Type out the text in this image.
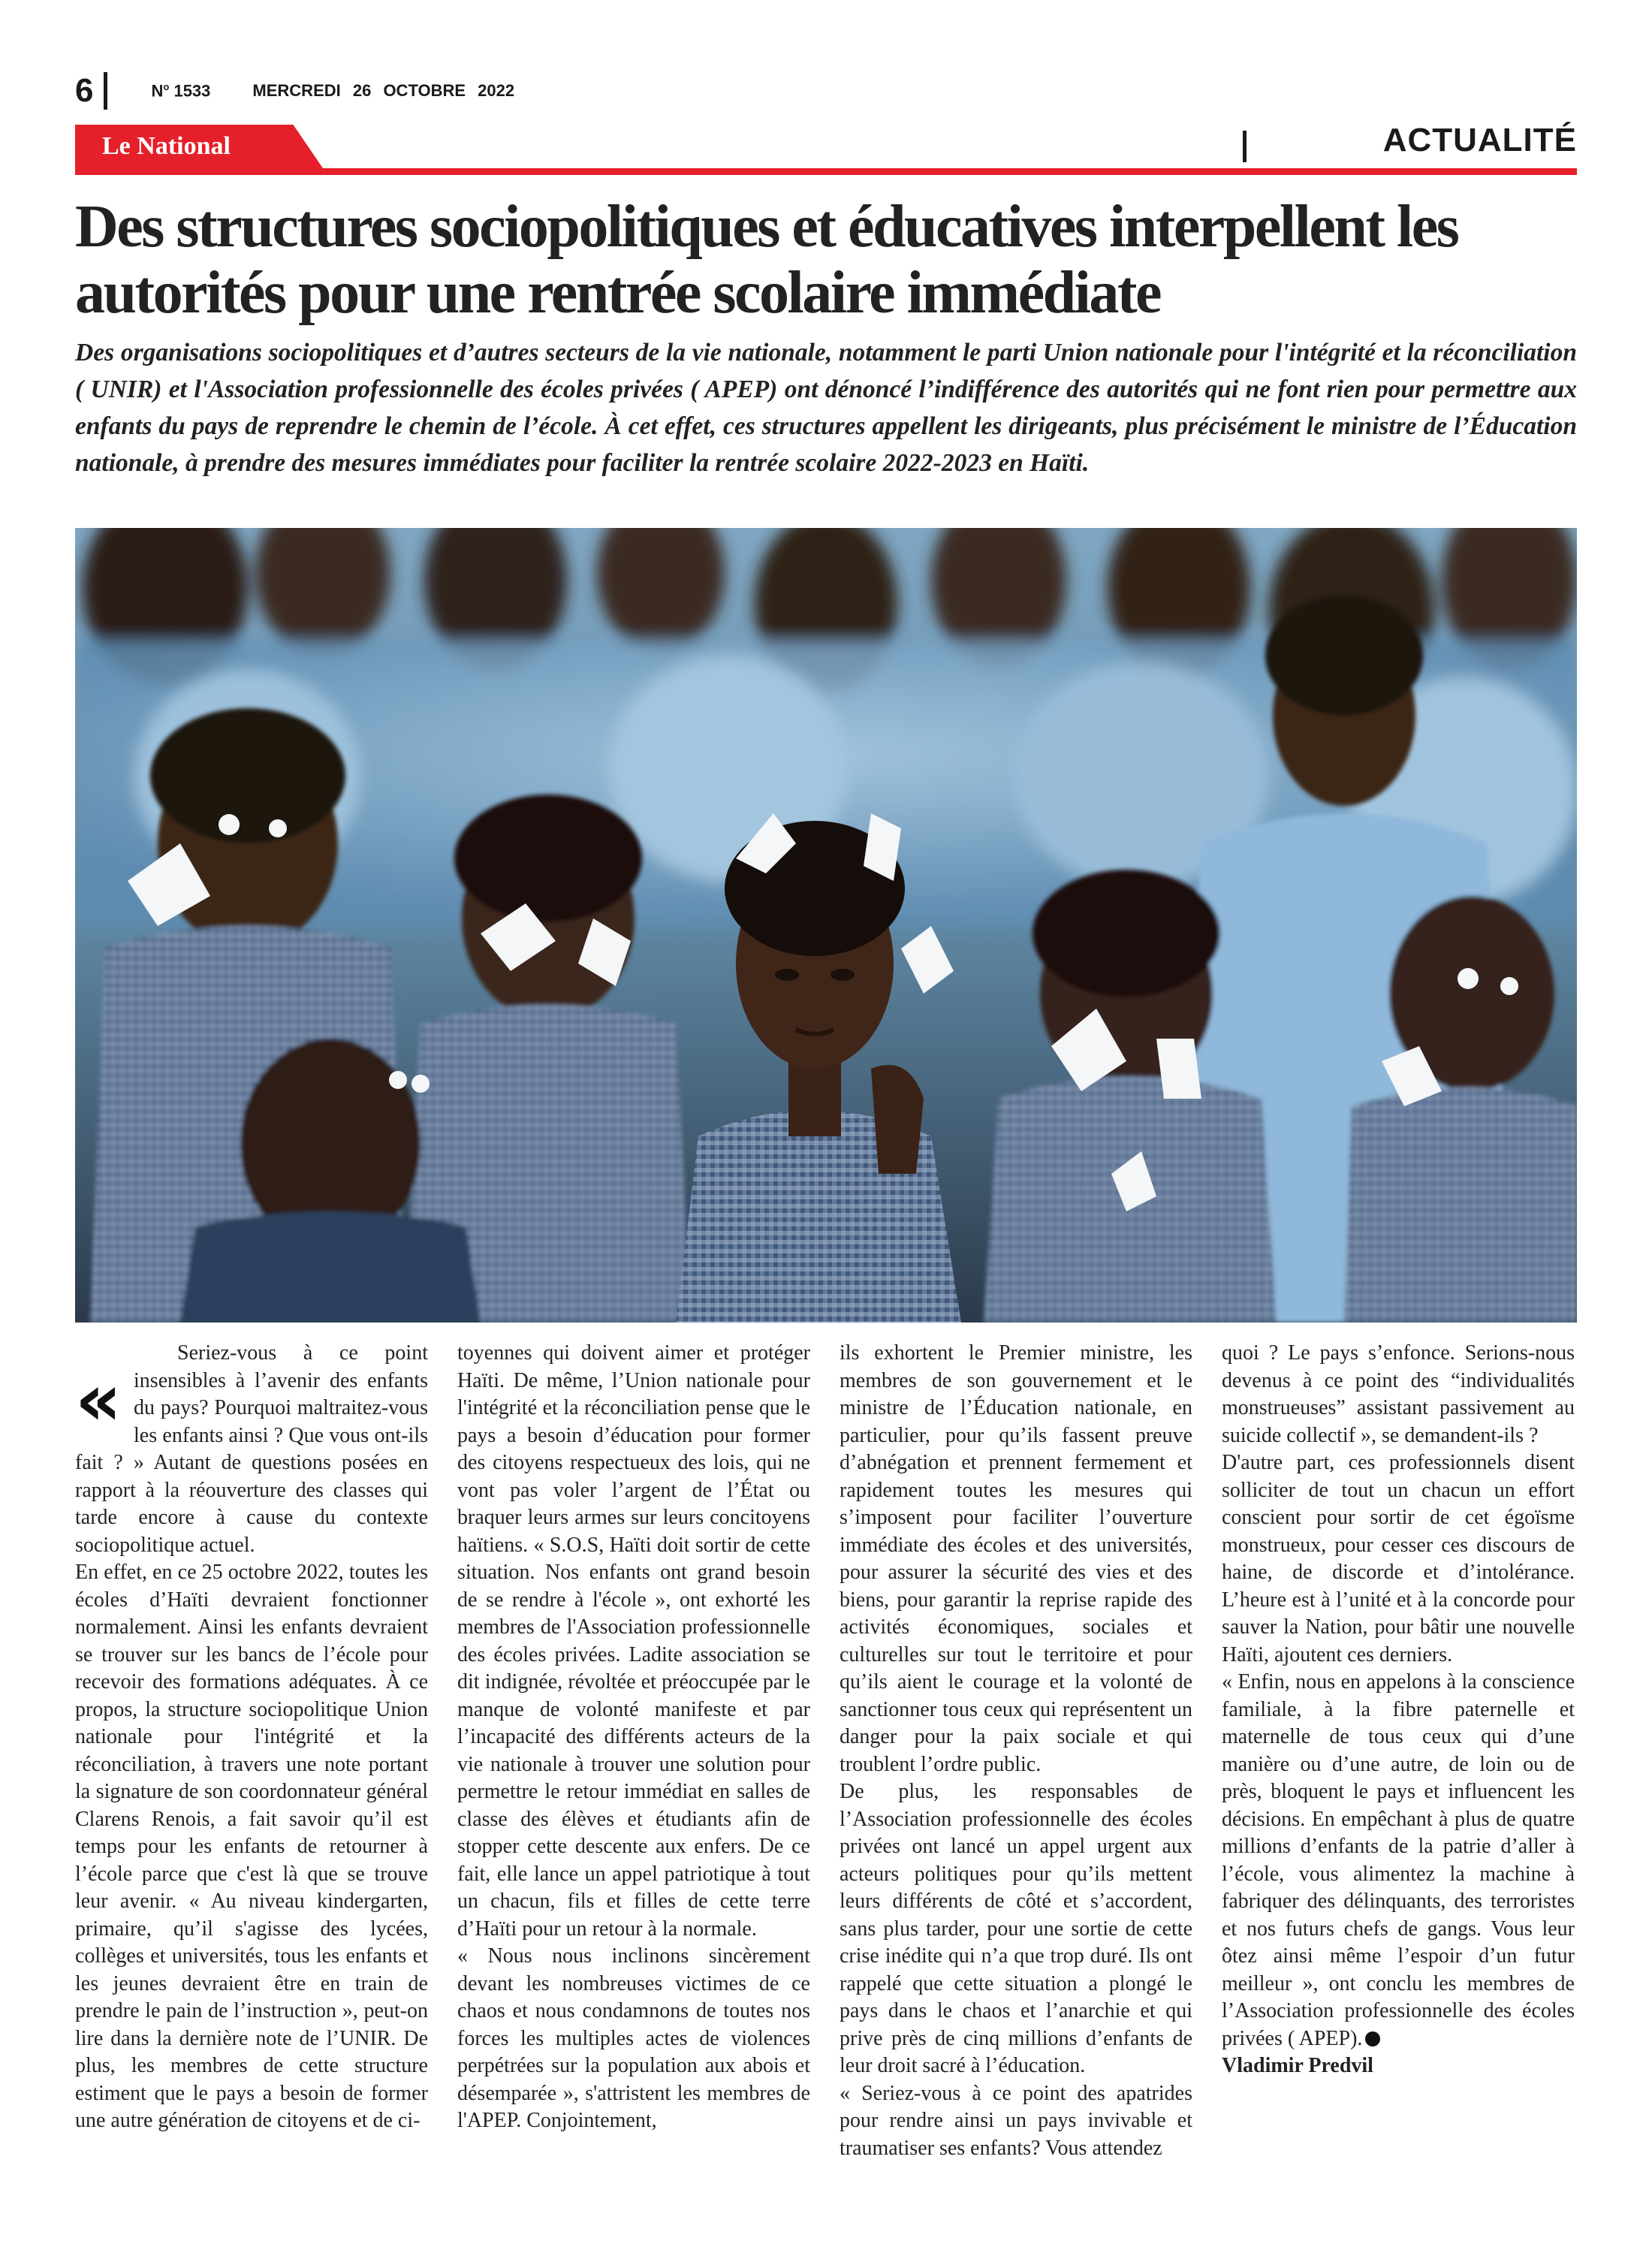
6	$N^o$ 1533	MERCREDI 26 OCTOBRE 2022
Le National	ACTUALITÉ
Des structures sociopolitiques et éducatives interpellent les autorités pour une rentrée scolaire immédiate

Des organisations sociopolitiques et d’autres secteurs de la vie nationale, notamment le parti Union nationale pour l'intégrité et la réconciliation ( UNIR) et l'Association professionnelle des écoles privées ( APEP) ont dénoncé l’indifférence des autorités qui ne font rien pour permettre aux enfants du pays de reprendre le chemin de l’école. À cet effet, ces structures appellent les dirigeants, plus précisément le ministre de l’Éducation nationale, à prendre des mesures immédiates pour faciliter la rentrée scolaire 2022-2023 en Haïti.

«
Seriez-vous à ce point insensibles à l’avenir des enfants du pays? Pourquoi maltraitez-vous les enfants ainsi ? Que vous ont-ils fait ? » Autant de questions posées en rapport à la réouverture des classes qui tarde encore à cause du contexte sociopolitique actuel.

En effet, en ce 25 octobre 2022, toutes les écoles d’Haïti devraient fonctionner normalement. Ainsi les enfants devraient se trouver sur les bancs de l’école pour recevoir des formations adéquates. À ce propos, la structure sociopolitique Union nationale pour l'intégrité et la réconciliation, à travers une note portant la signature de son coordonnateur général Clarens Renois, a fait savoir qu’il est temps pour les enfants de retourner à l’école parce que c'est là que se trouve leur avenir. « Au niveau kindergarten, primaire, qu’il s'agisse des lycées, collèges et universités, tous les enfants et les jeunes devraient être en train de prendre le pain de l’instruction », peut-on lire dans la dernière note de l’UNIR. De plus, les membres de cette structure estiment que le pays a besoin de former une autre génération de citoyens et de ci-

toyennes qui doivent aimer et protéger Haïti. De même, l’Union nationale pour l'intégrité et la réconciliation pense que le pays a besoin d’éducation pour former des citoyens respectueux des lois, qui ne vont pas voler l’argent de l’État ou braquer leurs armes sur leurs concitoyens haïtiens. « S.O.S, Haïti doit sortir de cette situation. Nos enfants ont grand besoin de se rendre à l'école », ont exhorté les membres de l'Association professionnelle des écoles privées. Ladite association se dit indignée, révoltée et préoccupée par le manque de volonté manifeste et par l’incapacité des différents acteurs de la vie nationale à trouver une solution pour permettre le retour immédiat en salles de classe des élèves et étudiants afin de stopper cette descente aux enfers. De ce fait, elle lance un appel patriotique à tout un chacun, fils et filles de cette terre d’Haïti pour un retour à la normale.

« Nous nous inclinons sincèrement devant les nombreuses victimes de ce chaos et nous condamnons de toutes nos forces les multiples actes de violences perpétrées sur la population aux abois et désemparée », s'attristent les membres de l'APEP. Conjointement,

ils exhortent le Premier ministre, les membres de son gouvernement et le ministre de l’Éducation nationale, en particulier, pour qu’ils fassent preuve d’abnégation et prennent fermement et rapidement toutes les mesures qui s’imposent pour faciliter l’ouverture immédiate des écoles et des universités, pour assurer la sécurité des vies et des biens, pour garantir la reprise rapide des activités économiques, sociales et culturelles sur tout le territoire et pour qu’ils aient le courage et la volonté de sanctionner tous ceux qui représentent un danger pour la paix sociale et qui troublent l’ordre public.

De plus, les responsables de l’Association professionnelle des écoles privées ont lancé un appel urgent aux acteurs politiques pour qu’ils mettent leurs différents de côté et s’accordent, sans plus tarder, pour une sortie de cette crise inédite qui n’a que trop duré. Ils ont rappelé que cette situation a plongé le pays dans le chaos et l’anarchie et qui prive près de cinq millions d’enfants de leur droit sacré à l’éducation.

« Seriez-vous à ce point des apatrides pour rendre ainsi un pays invivable et traumatiser ses enfants? Vous attendez

quoi ? Le pays s’enfonce. Serions-nous devenus à ce point des “individualités monstrueuses” assistant passivement au suicide collectif », se demandent-ils ?

D'autre part, ces professionnels disent solliciter de tout un chacun un effort conscient pour sortir de cet égoïsme monstrueux, pour cesser ces discours de haine, de discorde et d’intolérance. L’heure est à l’unité et à la concorde pour sauver la Nation, pour bâtir une nouvelle Haïti, ajoutent ces derniers.

« Enfin, nous en appelons à la conscience familiale, à la fibre paternelle et maternelle de tous ceux qui d’une manière ou d’une autre, de loin ou de près, bloquent le pays et influencent les décisions. En empêchant à plus de quatre millions d’enfants de la patrie d’aller à l’école, vous alimentez la machine à fabriquer des délinquants, des terroristes et nos futurs chefs de gangs. Vous leur ôtez ainsi même l’espoir d’un futur meilleur », ont conclu les membres de l’Association professionnelle des écoles privées ( APEP).

Vladimir Predvil
